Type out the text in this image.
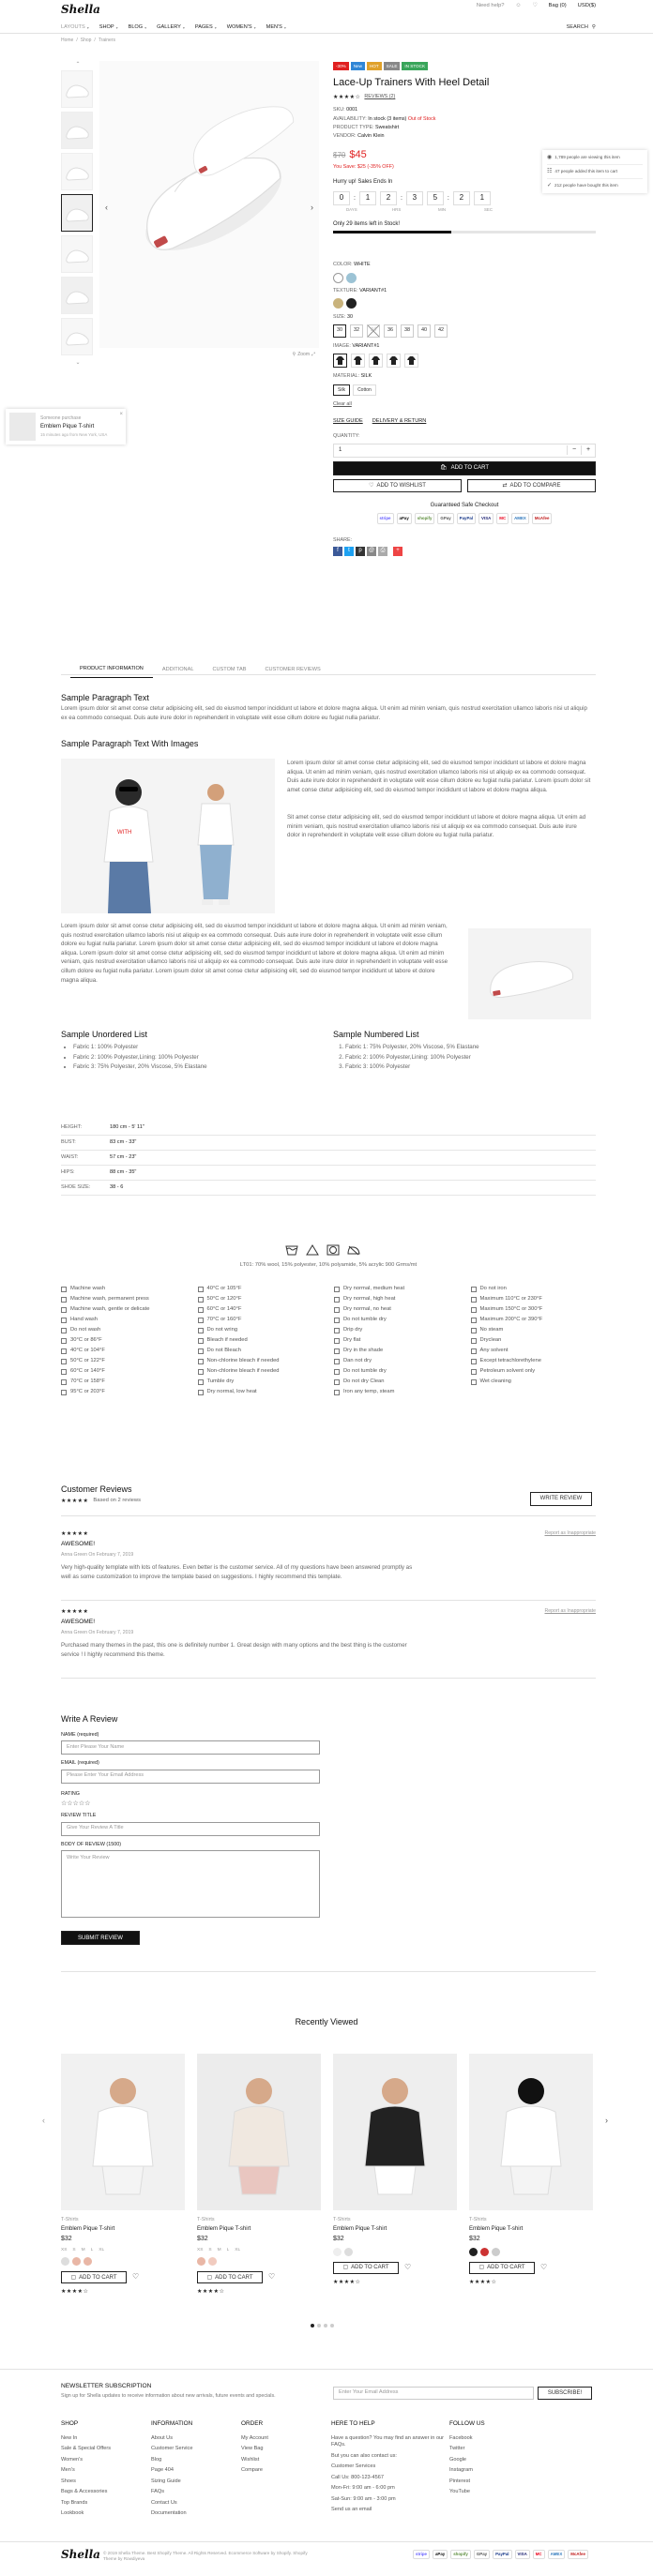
Shella	Need help? ☺ ♡ Bag (0) USD($)
LAYOUTS ▾ SHOP ▾ BLOG ▾ GALLERY ▾ PAGES ▾ WOMEN'S ▾ MEN'S ▾	SEARCH ⚲
Home / Shop / Trainers
⌃
⌄
‹	›
⚲ Zoom ⤢
Someone purchase
Emblem Pique T-shirt
15 minutes ago from New York, USA
×
-30%	New	HOT	SALE	IN STOCK
Lace-Up Trainers With Heel Detail
★★★★☆ REVIEWS (2)
SKU: 0001
AVAILABILITY: In stock (3 items) Out of Stock
PRODUCT TYPE: Sweatshirt
VENDOR: Calvin Klein
$70 $45
You Save: $25 (-35% OFF)
Hurry up! Sales Ends In
0	:	1	2	:	3	5	:	2	1
DAYS	HRS	MIN	SEC
Only 29 items left in Stock!
COLOR: WHITE
TEXTURE: VARIANT#1
SIZE: 30
30	32	34	36	38	40	42
IMAGE: VARIANT#1
MATERIAL: SILK
Silk	Cotton
Clear all
SIZE GUIDE DELIVERY & RETURN
QUANTITY:
1	−	+
🛍 ADD TO CART
♡ ADD TO WISHLIST	⇄ ADD TO COMPARE
Guaranteed Safe Checkout
stripe	aPay	shopify	GPay	PayPal	VISA	MC	AMEX	McAfee
SHARE:
f	t	p	@	⎙	+
◉ 1,789 people are viewing this item
☷ 47 people added this item to cart
✓ 212 people have bought this item
PRODUCT INFORMATION	ADDITIONAL	CUSTOM TAB	CUSTOMER REVIEWS
Sample Paragraph Text
Lorem ipsum dolor sit amet conse ctetur adipisicing elit, sed do eiusmod tempor incididunt ut labore et dolore magna aliqua. Ut enim ad minim veniam, quis nostrud exercitation ullamco laboris nisi ut aliquip ex ea commodo consequat. Duis aute irure dolor in reprehenderit in voluptate velit esse cillum dolore eu fugiat nulla pariatur.
Sample Paragraph Text With Images
WITH
Lorem ipsum dolor sit amet conse ctetur adipisicing elit, sed do eiusmod tempor incididunt ut labore et dolore magna aliqua. Ut enim ad minim veniam, quis nostrud exercitation ullamco laboris nisi ut aliquip ex ea commodo consequat. Duis aute irure dolor in reprehenderit in voluptate velit esse cillum dolore eu fugiat nulla pariatur. Lorem ipsum dolor sit amet conse ctetur adipisicing elit, sed do eiusmod tempor incididunt ut labore et dolore magna aliqua.
Sit amet conse ctetur adipisicing elit, sed do eiusmod tempor incididunt ut labore et dolore magna aliqua. Ut enim ad minim veniam, quis nostrud exercitation ullamco laboris nisi ut aliquip ex ea commodo consequat. Duis aute irure dolor in reprehenderit in voluptate velit esse cillum dolore eu fugiat nulla pariatur.
Lorem ipsum dolor sit amet conse ctetur adipisicing elit, sed do eiusmod tempor incididunt ut labore et dolore magna aliqua. Ut enim ad minim veniam, quis nostrud exercitation ullamco laboris nisi ut aliquip ex ea commodo consequat. Duis aute irure dolor in reprehenderit in voluptate velit esse cillum dolore eu fugiat nulla pariatur. Lorem ipsum dolor sit amet conse ctetur adipisicing elit, sed do eiusmod tempor incididunt ut labore et dolore magna aliqua. Lorem ipsum dolor sit amet conse ctetur adipisicing elit, sed do eiusmod tempor incididunt ut labore et dolore magna aliqua. Ut enim ad minim veniam, quis nostrud exercitation ullamco laboris nisi ut aliquip ex ea commodo consequat. Duis aute irure dolor in reprehenderit in voluptate velit esse cillum dolore eu fugiat nulla pariatur. Lorem ipsum dolor sit amet conse ctetur adipisicing elit, sed do eiusmod tempor incididunt ut labore et dolore magna aliqua.
Sample Unordered List
• Fabric 1: 100% Polyester
• Fabric 2: 100% Polyester,Lining: 100% Polyester
• Fabric 3: 75% Polyester, 20% Viscose, 5% Elastane
Sample Numbered List
1. Fabric 1: 75% Polyester, 20% Viscose, 5% Elastane
2. Fabric 2: 100% Polyester,Lining: 100% Polyester
3. Fabric 3: 100% Polyester
HEIGHT:	180 cm - 5' 11"
BUST:	83 cm - 33"
WAIST:	57 cm - 23"
HIPS:	88 cm - 35"
SHOE SIZE:	38 - 6
LT01: 70% wool, 15% polyester, 10% polyamide, 5% acrylic 900 Grms/mt
Machine wash
Machine wash, permanent press
Machine wash, gentle or delicate
Hand wash
Do not wash
30°C or 86°F
40°C or 104°F
50°C or 122°F
60°C or 140°F
70°C or 158°F
95°C or 203°F
40°C or 105°F
50°C or 120°F
60°C or 140°F
70°C or 160°F
Do not wring
Bleach if needed
Do not Bleach
Non-chlorine bleach if needed
Non-chlorine bleach if needed
Tumble dry
Dry normal, low heat
Dry normal, medium heat
Dry normal, high heat
Dry normal, no heat
Do not tumble dry
Drip dry
Dry flat
Dry in the shade
Dan not dry
Do not tumble dry
Do not dry Clean
Iron any temp, steam
Do not iron
Maximum 110°C or 230°F
Maximum 150°C or 300°F
Maximum 200°C or 390°F
No steam
Dryclean
Any solvent
Except tetrachlorethylene
Petroleum solvent only
Wet cleaning
Customer Reviews
★★★★★ Based on 2 reviews	WRITE REVIEW
★★★★★
AWESOME!
Anna Green On February 7, 2019
Very high-quality template with lots of features. Even better is the customer service. All of my questions have been answered promptly as well as some customization to improve the template based on suggestions. I highly recommend this template.
Report as Inappropriate
★★★★★
AWESOME!
Anna Green On February 7, 2019
Purchased many themes in the past, this one is definitely number 1. Great design with many options and the best thing is the customer service ! I highly recommend this theme.
Report as Inappropriate
Write A Review
NAME (required)
Enter Please Your Name
EMAIL (required)
Please Enter Your Email Address
RATING
☆☆☆☆☆
REVIEW TITLE
Give Your Review A Title
BODY OF REVIEW (1500)
Write Your Review
SUBMIT REVIEW
Recently Viewed
‹	›
T-Shirts
Emblem Pique T-shirt
$32
XS S M L XL
▢ ADD TO CART ♡
★★★★☆
T-Shirts
Emblem Pique T-shirt
$32
XS S M L XL
▢ ADD TO CART ♡
★★★★☆
T-Shirts
Emblem Pique T-shirt
$32
▢ ADD TO CART ♡
★★★★☆
T-Shirts
Emblem Pique T-shirt
$32
▢ ADD TO CART ♡
★★★★☆
NEWSLETTER SUBSCRIPTION
Sign up for Shella updates to receive information about new arrivals, future events and specials.
Enter Your Email Address	SUBSCRIBE!
SHOP
New In
Sale & Special Offers
Women's
Men's
Shoes
Bags & Accessories
Top Brands
Lookbook
INFORMATION
About Us
Customer Service
Blog
Page 404
Sizing Guide
FAQs
Contact Us
Documentation
ORDER
My Account
View Bag
Wishlist
Compare
HERE TO HELP
Have a question? You may find an answer in our FAQs.
But you can also contact us:
Customer Services
Call Us: 800-123-4567
Mon-Fri: 9:00 am - 6:00 pm
Sat-Sun: 9:00 am - 3:00 pm
Send us an email
FOLLOW US
Facebook
Twitter
Google
Instagram
Pinterest
YouTube
Shella © 2019 Shella Theme. Best Shopify Theme. All Rights Reserved. Ecommerce Software by Shopify. Shopify Theme by Rowdiyeva
stripe	aPay	shopify	GPay	PayPal	VISA	MC	AMEX	McAfee
